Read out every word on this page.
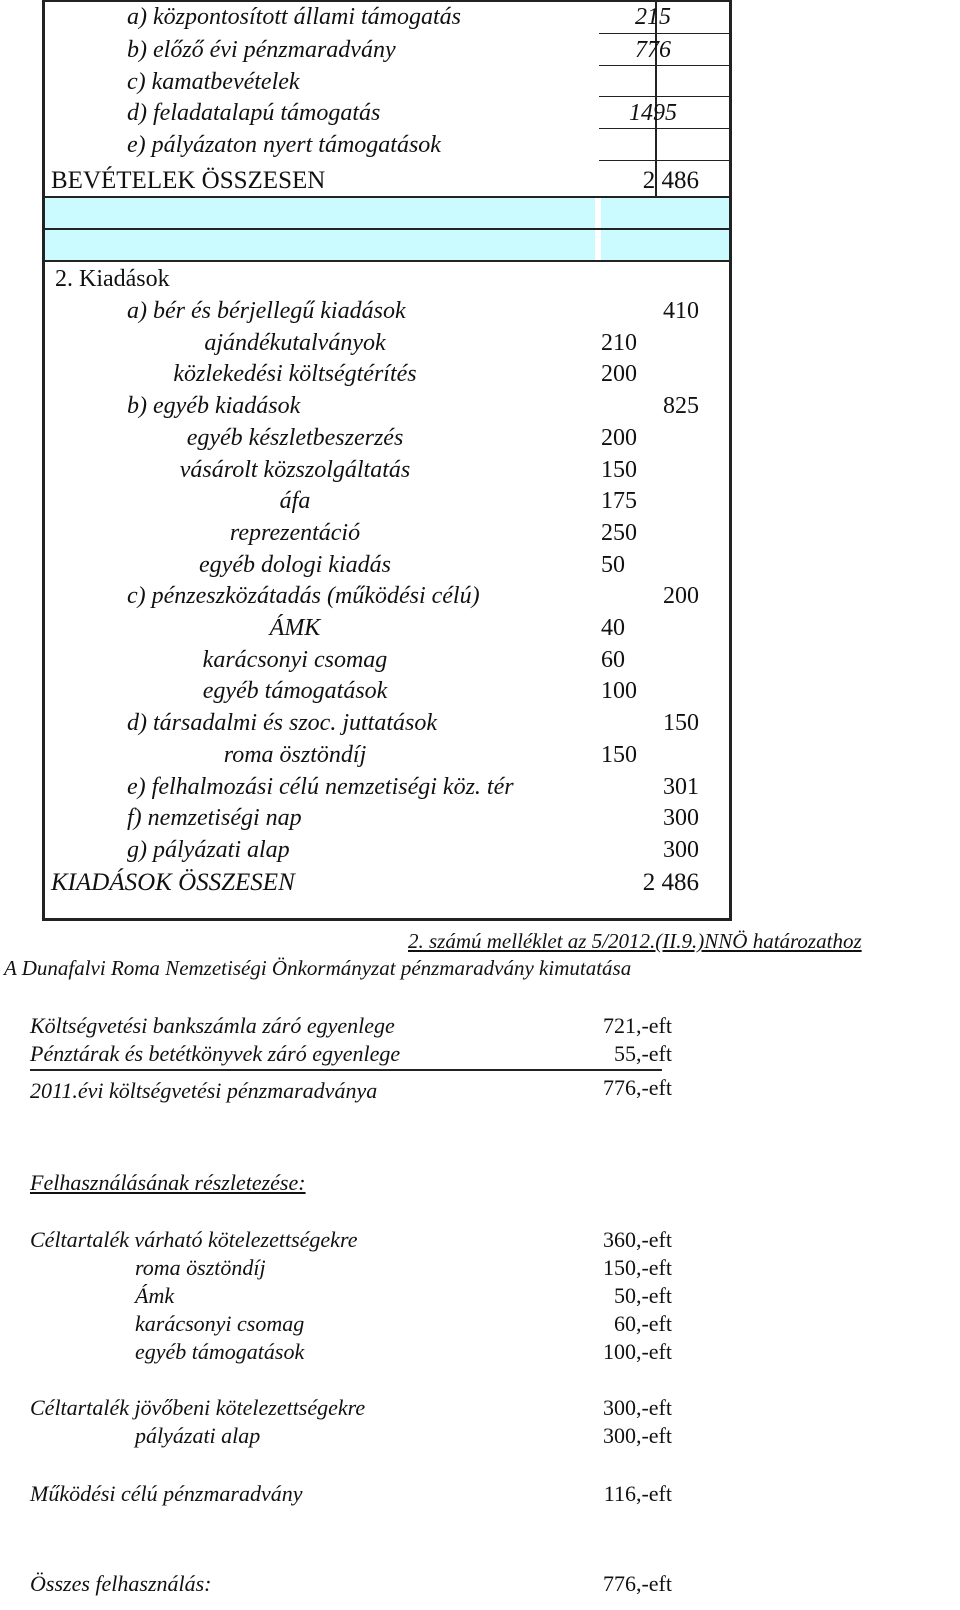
a) központosított állami támogatás	215
b) előző évi pénzmaradvány	776
c) kamatbevételek
d) feladatalapú támogatás	1495
e) pályázaton nyert támogatások
BEVÉTELEK ÖSSZESEN	2 486
2. Kiadások
a) bér és bérjellegű kiadások	410
ajándékutalványok	210
közlekedési költségtérítés	200
b) egyéb kiadások	825
egyéb készletbeszerzés	200
vásárolt közszolgáltatás	150
áfa	175
reprezentáció	250
egyéb dologi kiadás	50
c) pénzeszközátadás (működési célú)	200
ÁMK	40
karácsonyi csomag	60
egyéb támogatások	100
d) társadalmi és szoc. juttatások	150
roma ösztöndíj	150
e) felhalmozási célú nemzetiségi köz. tér	301
f) nemzetiségi nap	300
g) pályázati alap	300
KIADÁSOK ÖSSZESEN	2 486
2. számú melléklet az 5/2012.(II.9.)NNÖ határozathoz
A Dunafalvi Roma Nemzetiségi Önkormányzat pénzmaradvány kimutatása
Költségvetési bankszámla záró egyenlege	721,-eft
Pénztárak és betétkönyvek záró egyenlege	55,-eft
2011.évi költségvetési pénzmaradványa	776,-eft
Felhasználásának részletezése:
Céltartalék várható kötelezettségekre	360,-eft
roma ösztöndíj	150,-eft
Ámk	50,-eft
karácsonyi csomag	60,-eft
egyéb támogatások	100,-eft
Céltartalék jövőbeni kötelezettségekre	300,-eft
pályázati alap	300,-eft
Működési célú pénzmaradvány	116,-eft
Összes felhasználás:	776,-eft
